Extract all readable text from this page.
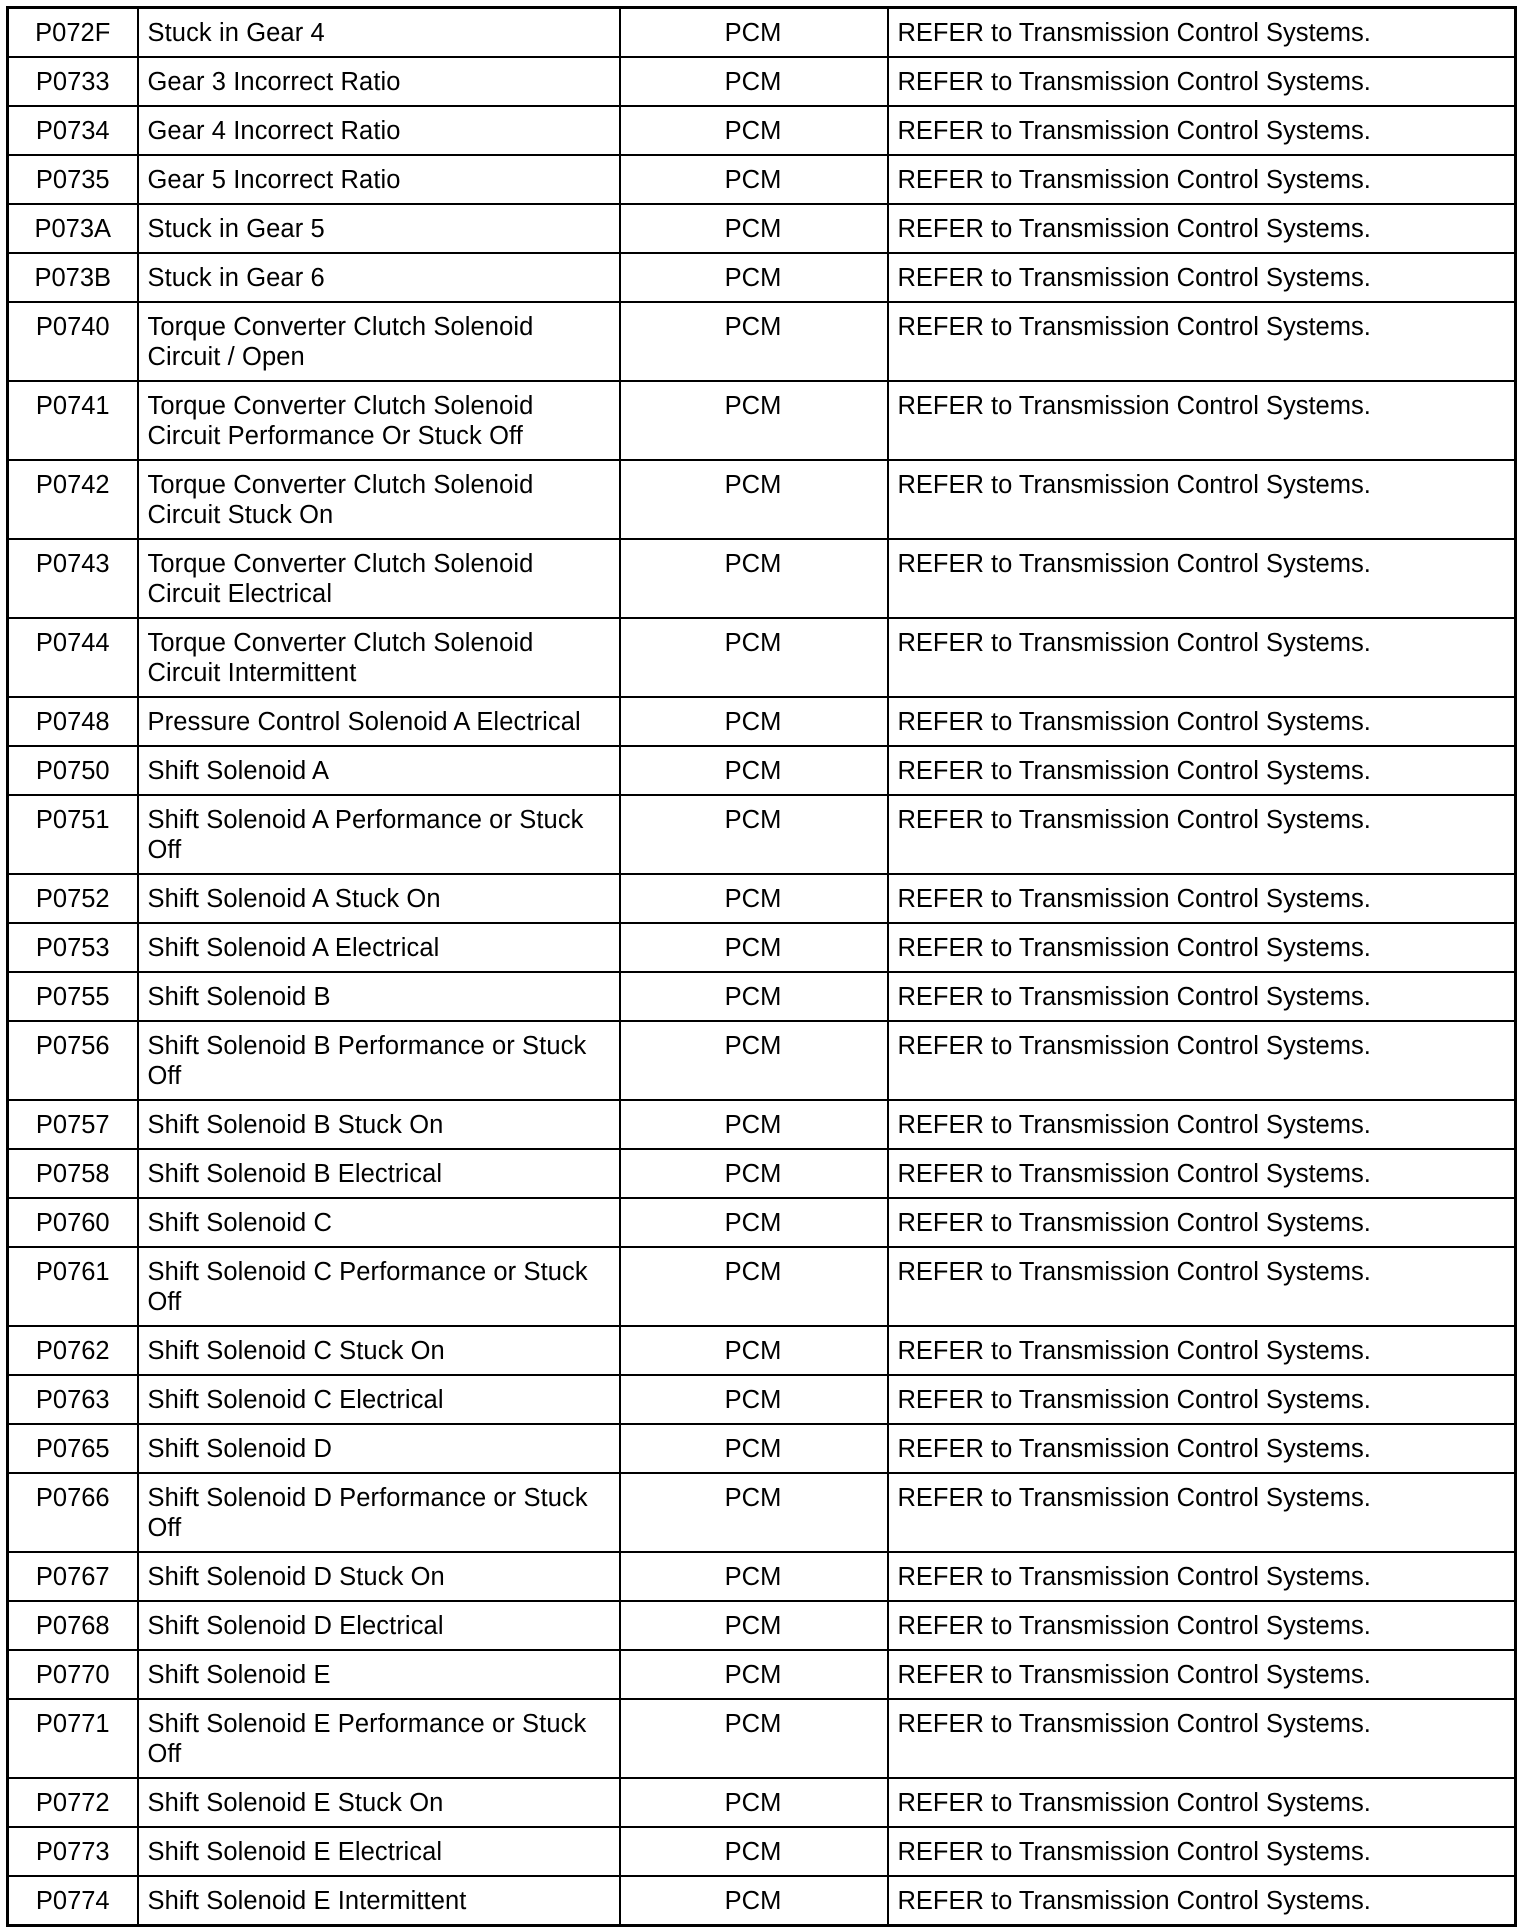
P072F	Stuck in Gear 4	PCM	REFER to Transmission Control Systems.
P0733	Gear 3 Incorrect Ratio	PCM	REFER to Transmission Control Systems.
P0734	Gear 4 Incorrect Ratio	PCM	REFER to Transmission Control Systems.
P0735	Gear 5 Incorrect Ratio	PCM	REFER to Transmission Control Systems.
P073A	Stuck in Gear 5	PCM	REFER to Transmission Control Systems.
P073B	Stuck in Gear 6	PCM	REFER to Transmission Control Systems.
P0740	Torque Converter Clutch Solenoid Circuit / Open	PCM	REFER to Transmission Control Systems.
P0741	Torque Converter Clutch Solenoid Circuit Performance Or Stuck Off	PCM	REFER to Transmission Control Systems.
P0742	Torque Converter Clutch Solenoid Circuit Stuck On	PCM	REFER to Transmission Control Systems.
P0743	Torque Converter Clutch Solenoid Circuit Electrical	PCM	REFER to Transmission Control Systems.
P0744	Torque Converter Clutch Solenoid Circuit Intermittent	PCM	REFER to Transmission Control Systems.
P0748	Pressure Control Solenoid A Electrical	PCM	REFER to Transmission Control Systems.
P0750	Shift Solenoid A	PCM	REFER to Transmission Control Systems.
P0751	Shift Solenoid A Performance or Stuck Off	PCM	REFER to Transmission Control Systems.
P0752	Shift Solenoid A Stuck On	PCM	REFER to Transmission Control Systems.
P0753	Shift Solenoid A Electrical	PCM	REFER to Transmission Control Systems.
P0755	Shift Solenoid B	PCM	REFER to Transmission Control Systems.
P0756	Shift Solenoid B Performance or Stuck Off	PCM	REFER to Transmission Control Systems.
P0757	Shift Solenoid B Stuck On	PCM	REFER to Transmission Control Systems.
P0758	Shift Solenoid B Electrical	PCM	REFER to Transmission Control Systems.
P0760	Shift Solenoid C	PCM	REFER to Transmission Control Systems.
P0761	Shift Solenoid C Performance or Stuck Off	PCM	REFER to Transmission Control Systems.
P0762	Shift Solenoid C Stuck On	PCM	REFER to Transmission Control Systems.
P0763	Shift Solenoid C Electrical	PCM	REFER to Transmission Control Systems.
P0765	Shift Solenoid D	PCM	REFER to Transmission Control Systems.
P0766	Shift Solenoid D Performance or Stuck Off	PCM	REFER to Transmission Control Systems.
P0767	Shift Solenoid D Stuck On	PCM	REFER to Transmission Control Systems.
P0768	Shift Solenoid D Electrical	PCM	REFER to Transmission Control Systems.
P0770	Shift Solenoid E	PCM	REFER to Transmission Control Systems.
P0771	Shift Solenoid E Performance or Stuck Off	PCM	REFER to Transmission Control Systems.
P0772	Shift Solenoid E Stuck On	PCM	REFER to Transmission Control Systems.
P0773	Shift Solenoid E Electrical	PCM	REFER to Transmission Control Systems.
P0774	Shift Solenoid E Intermittent	PCM	REFER to Transmission Control Systems.
